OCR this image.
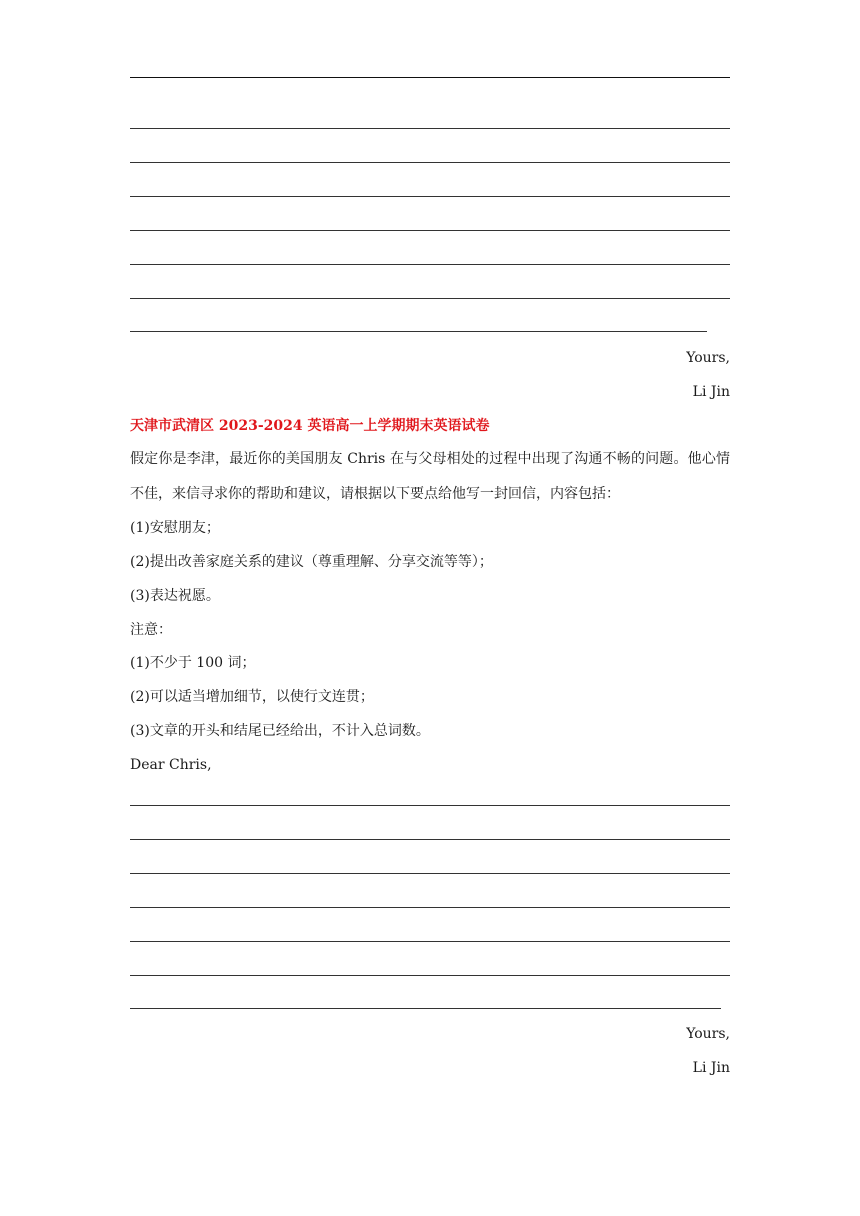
Yours,
Li Jin
天津市武清区 2023-2024 英语高一上学期期末英语试卷
假定你是李津，最近你的美国朋友 Chris 在与父母相处的过程中出现了沟通不畅的问题。他心情不佳，来信寻求你的帮助和建议，请根据以下要点给他写一封回信，内容包括：
(1)安慰朋友；
(2)提出改善家庭关系的建议（尊重理解、分享交流等等）；
(3)表达祝愿。
注意：
(1)不少于 100 词；
(2)可以适当增加细节，以使行文连贯；
(3)文章的开头和结尾已经给出，不计入总词数。
Dear Chris,
Yours,
Li Jin
